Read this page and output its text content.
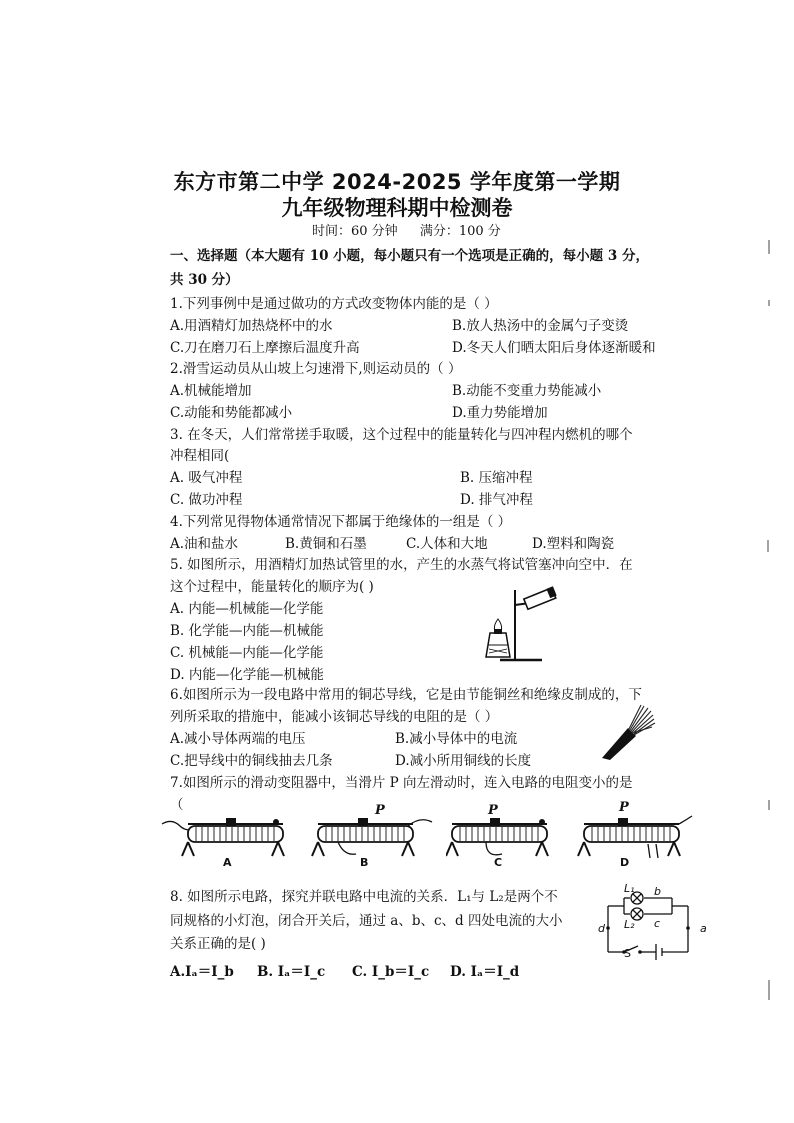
东方市第二中学 2024-2025 学年度第一学期
九年级物理科期中检测卷
时间：60 分钟 满分：100 分
一、选择题（本大题有 10 小题，每小题只有一个选项是正确的，每小题 3 分，
共 30 分）
1.下列事例中是通过做功的方式改变物体内能的是（ ）
A.用酒精灯加热烧杯中的水	B.放人热汤中的金属勺子变烫
C.刀在磨刀石上摩擦后温度升高	D.冬天人们晒太阳后身体逐渐暖和
2.滑雪运动员从山坡上匀速滑下,则运动员的（ ）
A.机械能增加	B.动能不变重力势能减小
C.动能和势能都减小	D.重力势能增加
3. 在冬天，人们常常搓手取暖，这个过程中的能量转化与四冲程内燃机的哪个
冲程相同(
A. 吸气冲程	B. 压缩冲程
C. 做功冲程	D. 排气冲程
4.下列常见得物体通常情况下都属于绝缘体的一组是（ ）
A.油和盐水	B.黄铜和石墨	C.人体和大地	D.塑料和陶瓷
5. 如图所示，用酒精灯加热试管里的水，产生的水蒸气将试管塞冲向空中．在
这个过程中，能量转化的顺序为( )
A. 内能—机械能—化学能
B. 化学能—内能—机械能
C. 机械能—内能—化学能
D. 内能—化学能—机械能
6.如图所示为一段电路中常用的铜芯导线，它是由节能铜丝和绝缘皮制成的，下
列所采取的措施中，能减小该铜芯导线的电阻的是（ ）
A.减小导体两端的电压	B.减小导体中的电流
C.把导线中的铜线抽去几条	D.减小所用铜线的长度
7.如图所示的滑动变阻器中，当滑片 P 向左滑动时，连入电路的电阻变小的是
（
A
P
B
P
C
P
D
8. 如图所示电路，探究并联电路中电流的关系．L₁与 L₂是两个不
同规格的小灯泡，闭合开关后，通过 a、b、c、d 四处电流的大小
关系正确的是( )
A.Iₐ＝I_b B. Iₐ＝I_c C. I_b＝I_c D. Iₐ＝I_d
L₁ b
L₂ c
d	a
S
